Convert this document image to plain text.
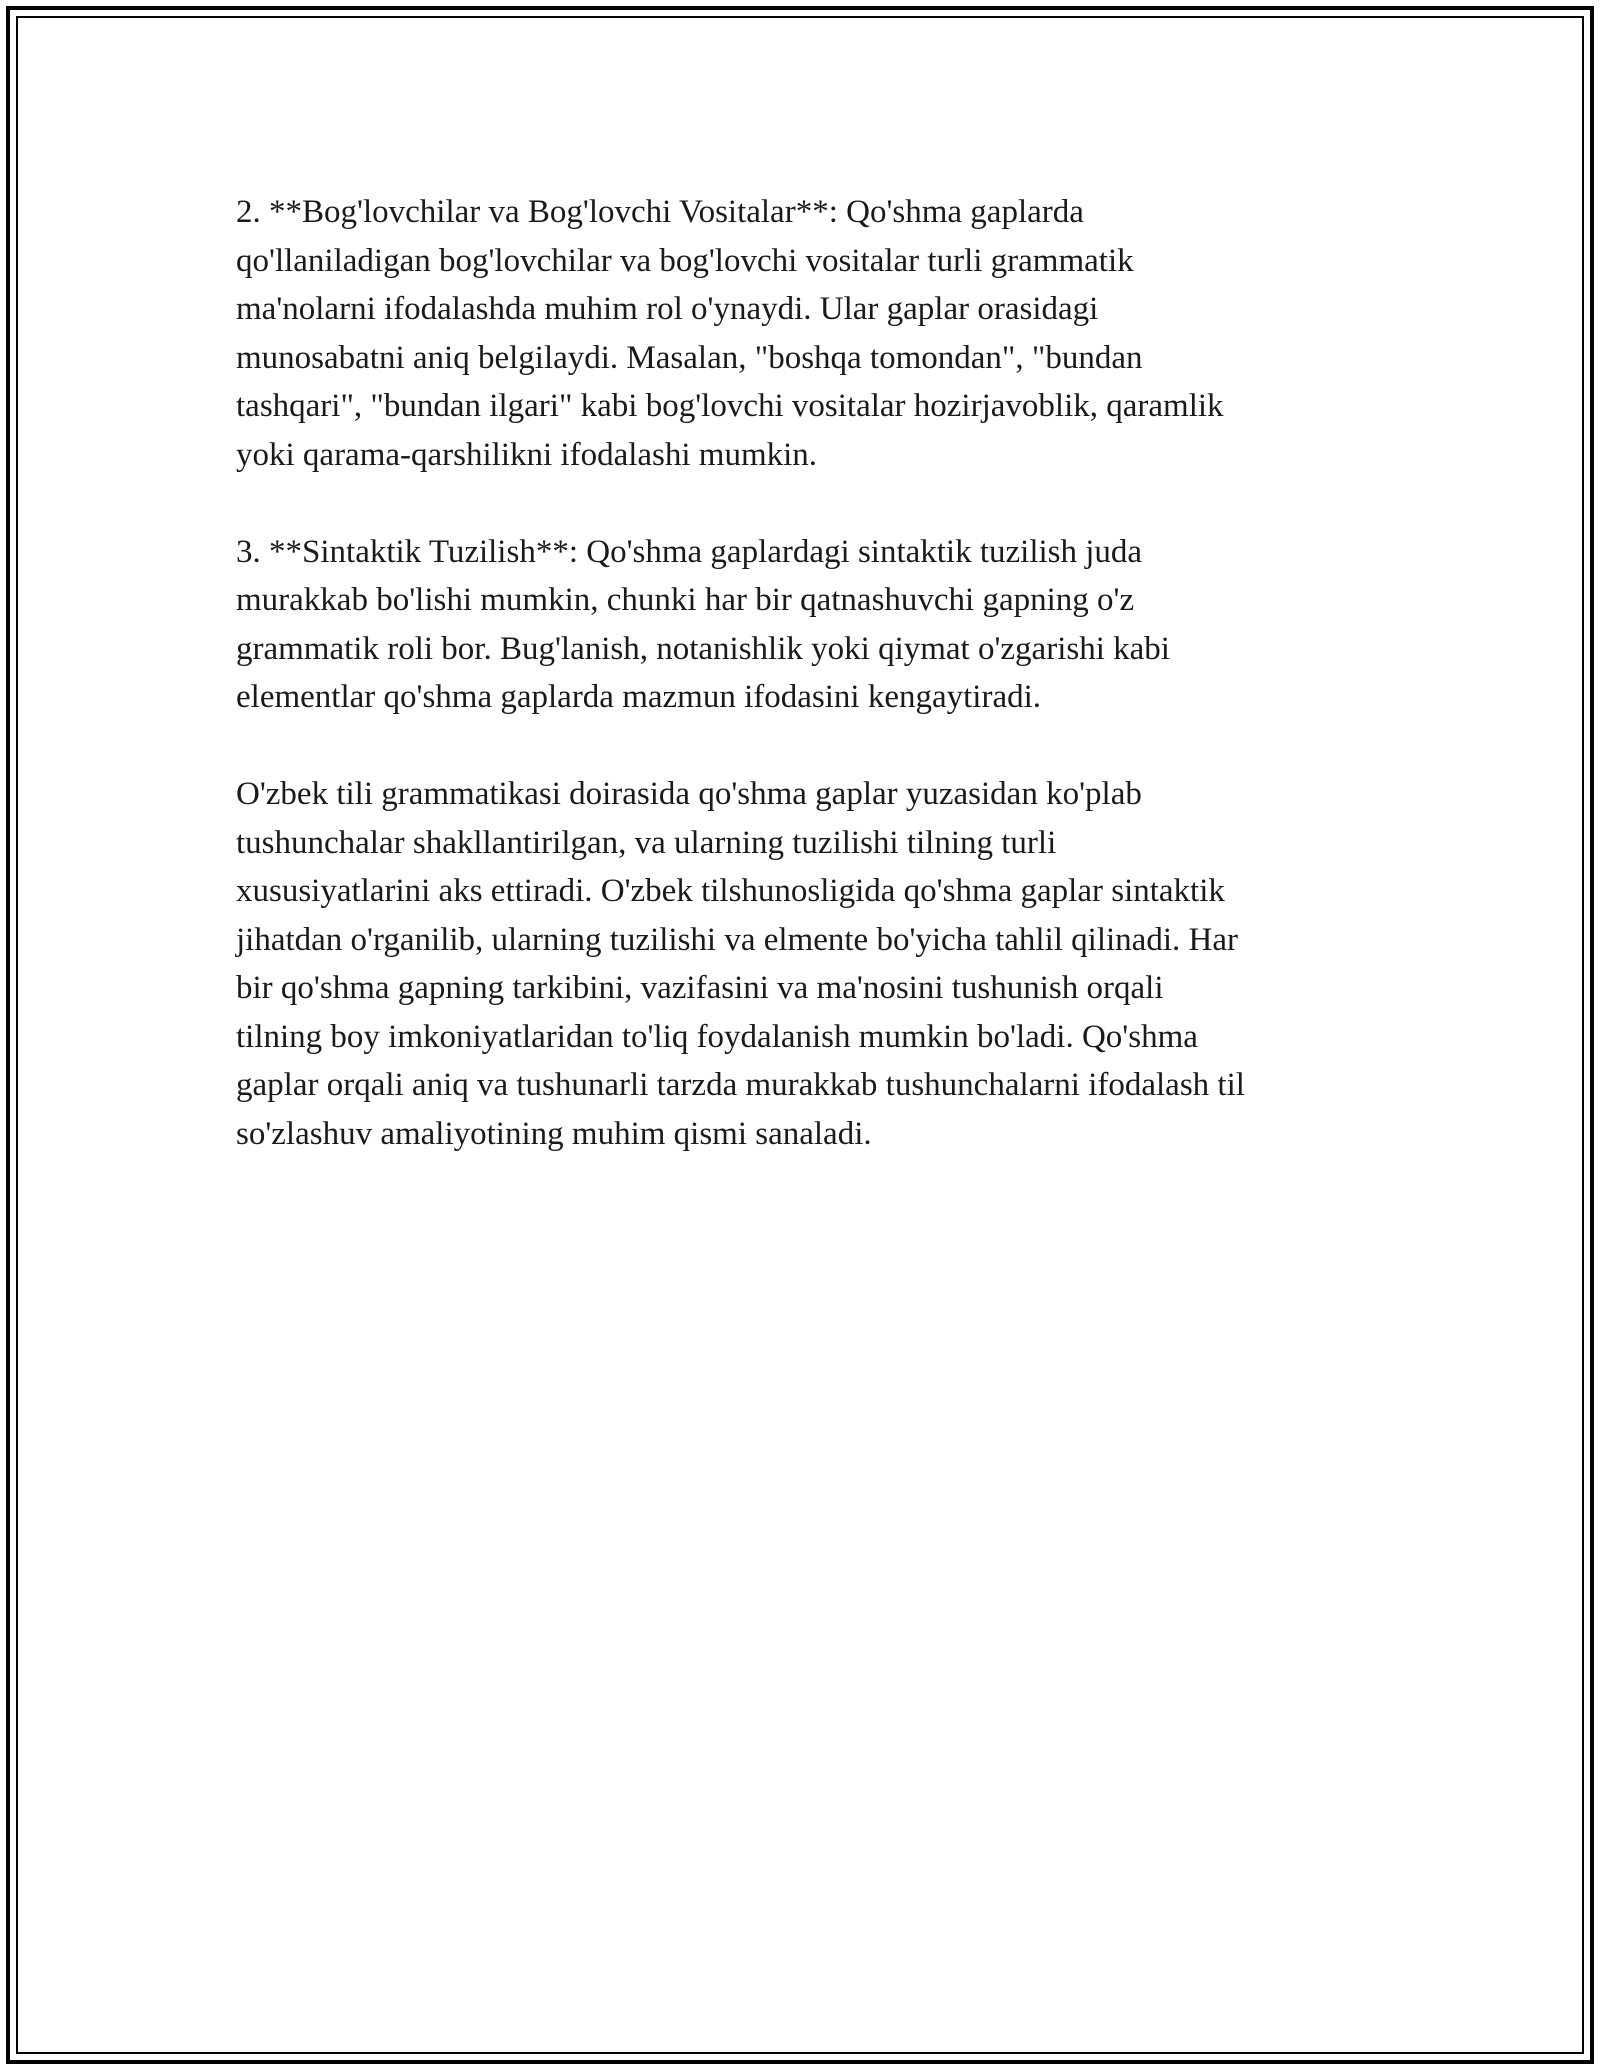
2. **Bog'lovchilar va Bog'lovchi Vositalar**: Qo'shma gaplarda
qo'llaniladigan bog'lovchilar va bog'lovchi vositalar turli grammatik
ma'nolarni ifodalashda muhim rol o'ynaydi. Ular gaplar orasidagi
munosabatni aniq belgilaydi. Masalan, "boshqa tomondan", "bundan
tashqari", "bundan ilgari" kabi bog'lovchi vositalar hozirjavoblik, qaramlik
yoki qarama-qarshilikni ifodalashi mumkin.
3. **Sintaktik Tuzilish**: Qo'shma gaplardagi sintaktik tuzilish juda
murakkab bo'lishi mumkin, chunki har bir qatnashuvchi gapning o'z
grammatik roli bor. Bug'lanish, notanishlik yoki qiymat o'zgarishi kabi
elementlar qo'shma gaplarda mazmun ifodasini kengaytiradi.
O'zbek tili grammatikasi doirasida qo'shma gaplar yuzasidan ko'plab
tushunchalar shakllantirilgan, va ularning tuzilishi tilning turli
xususiyatlarini aks ettiradi. O'zbek tilshunosligida qo'shma gaplar sintaktik
jihatdan o'rganilib, ularning tuzilishi va elmente bo'yicha tahlil qilinadi. Har
bir qo'shma gapning tarkibini, vazifasini va ma'nosini tushunish orqali
tilning boy imkoniyatlaridan to'liq foydalanish mumkin bo'ladi. Qo'shma
gaplar orqali aniq va tushunarli tarzda murakkab tushunchalarni ifodalash til
so'zlashuv amaliyotining muhim qismi sanaladi.
